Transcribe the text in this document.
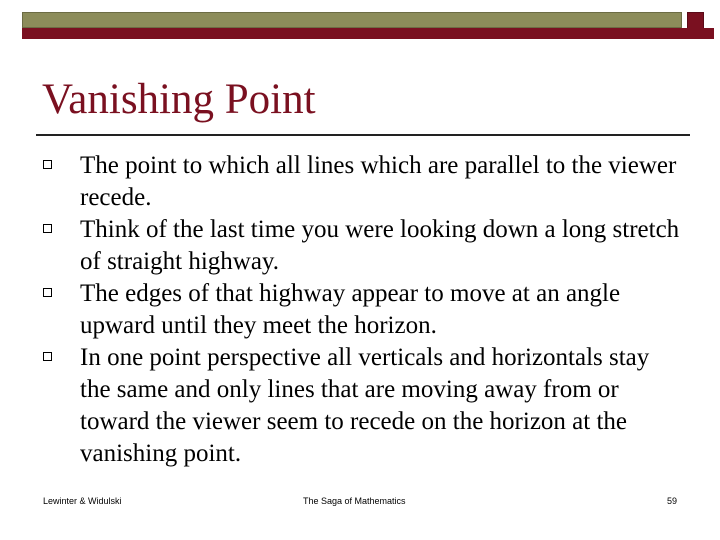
Vanishing Point
The point to which all lines which are parallel to the viewer recede.
Think of the last time you were looking down a long stretch of straight highway.
The edges of that highway appear to move at an angle upward until they meet the horizon.
In one point perspective all verticals and horizontals stay the same and only lines that are moving away from or toward the viewer seem to recede on the horizon at the vanishing point.
Lewinter & Widulski	The Saga of Mathematics	59
